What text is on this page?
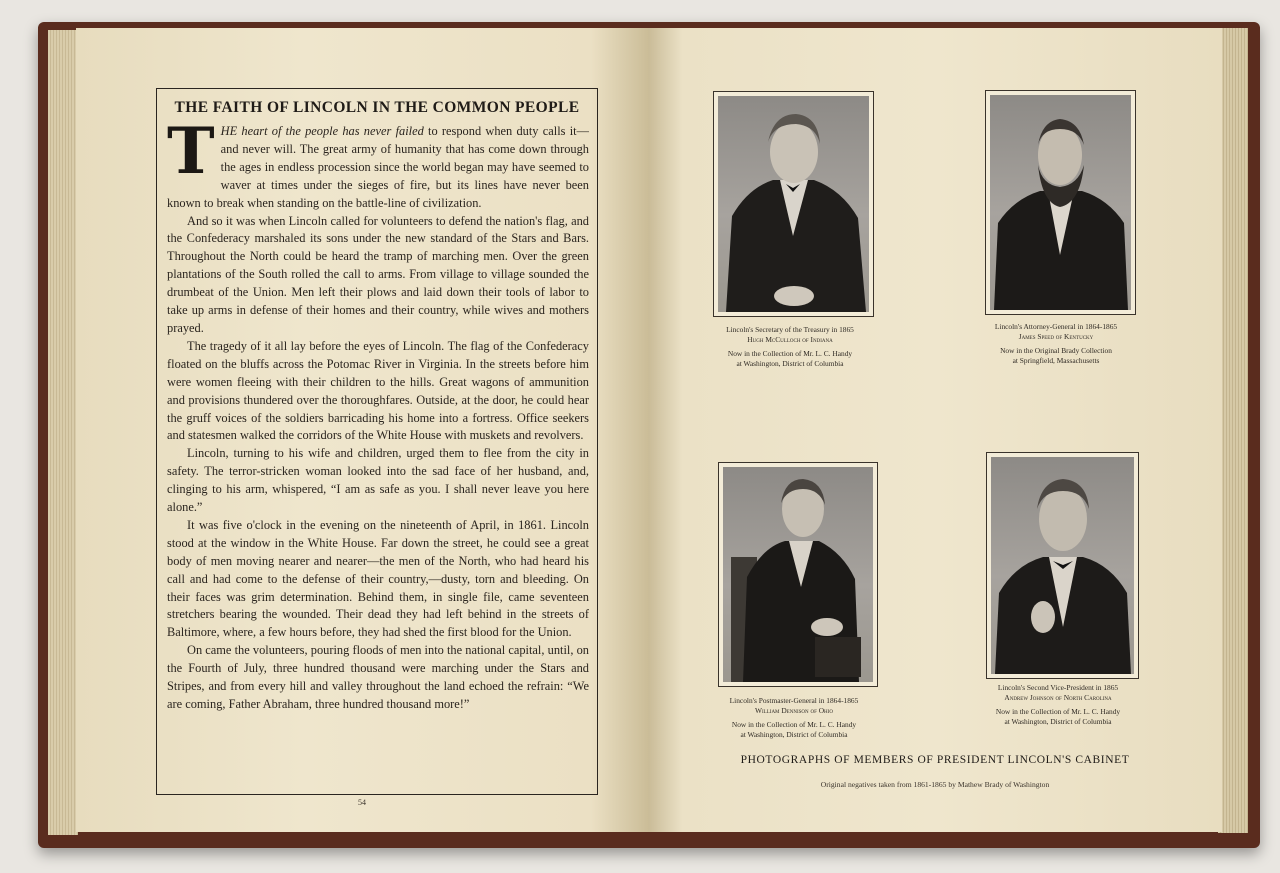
THE FAITH OF LINCOLN IN THE COMMON PEOPLE

THE heart of the people has never failed to respond when duty calls it—and never will. The great army of humanity that has come down through the ages in endless procession since the world began may have seemed to waver at times under the sieges of fire, but its lines have never been known to break when standing on the battle-line of civilization.

And so it was when Lincoln called for volunteers to defend the nation's flag, and the Confederacy marshaled its sons under the new standard of the Stars and Bars. Throughout the North could be heard the tramp of marching men. Over the green plantations of the South rolled the call to arms. From village to village sounded the drumbeat of the Union. Men left their plows and laid down their tools of labor to take up arms in defense of their homes and their country, while wives and mothers prayed.

The tragedy of it all lay before the eyes of Lincoln. The flag of the Confederacy floated on the bluffs across the Potomac River in Virginia. In the streets before him were women fleeing with their children to the hills. Great wagons of ammunition and provisions thundered over the thoroughfares. Outside, at the door, he could hear the gruff voices of the soldiers barricading his home into a fortress. Office seekers and statesmen walked the corridors of the White House with muskets and revolvers.

Lincoln, turning to his wife and children, urged them to flee from the city in safety. The terror-stricken woman looked into the sad face of her husband, and, clinging to his arm, whispered, “I am as safe as you. I shall never leave you here alone.”

It was five o'clock in the evening on the nineteenth of April, in 1861. Lincoln stood at the window in the White House. Far down the street, he could see a great body of men moving nearer and nearer—the men of the North, who had heard his call and had come to the defense of their country,—dusty, torn and bleeding. On their faces was grim determination. Behind them, in single file, came seventeen stretchers bearing the wounded. Their dead they had left behind in the streets of Baltimore, where, a few hours before, they had shed the first blood for the Union.

On came the volunteers, pouring floods of men into the national capital, until, on the Fourth of July, three hundred thousand were marching under the Stars and Stripes, and from every hill and valley throughout the land echoed the refrain: “We are coming, Father Abraham, three hundred thousand more!”

54
Lincoln's Secretary of the Treasury in 1865
Hugh McCulloch of Indiana
Now in the Collection of Mr. L. C. Handy
at Washington, District of Columbia
Lincoln's Attorney-General in 1864-1865
James Speed of Kentucky
Now in the Original Brady Collection
at Springfield, Massachusetts
Lincoln's Postmaster-General in 1864-1865
William Dennison of Ohio
Now in the Collection of Mr. L. C. Handy
at Washington, District of Columbia
Lincoln's Second Vice-President in 1865
Andrew Johnson of North Carolina
Now in the Collection of Mr. L. C. Handy
at Washington, District of Columbia
PHOTOGRAPHS OF MEMBERS OF PRESIDENT LINCOLN'S CABINET
Original negatives taken from 1861-1865 by Mathew Brady of Washington
